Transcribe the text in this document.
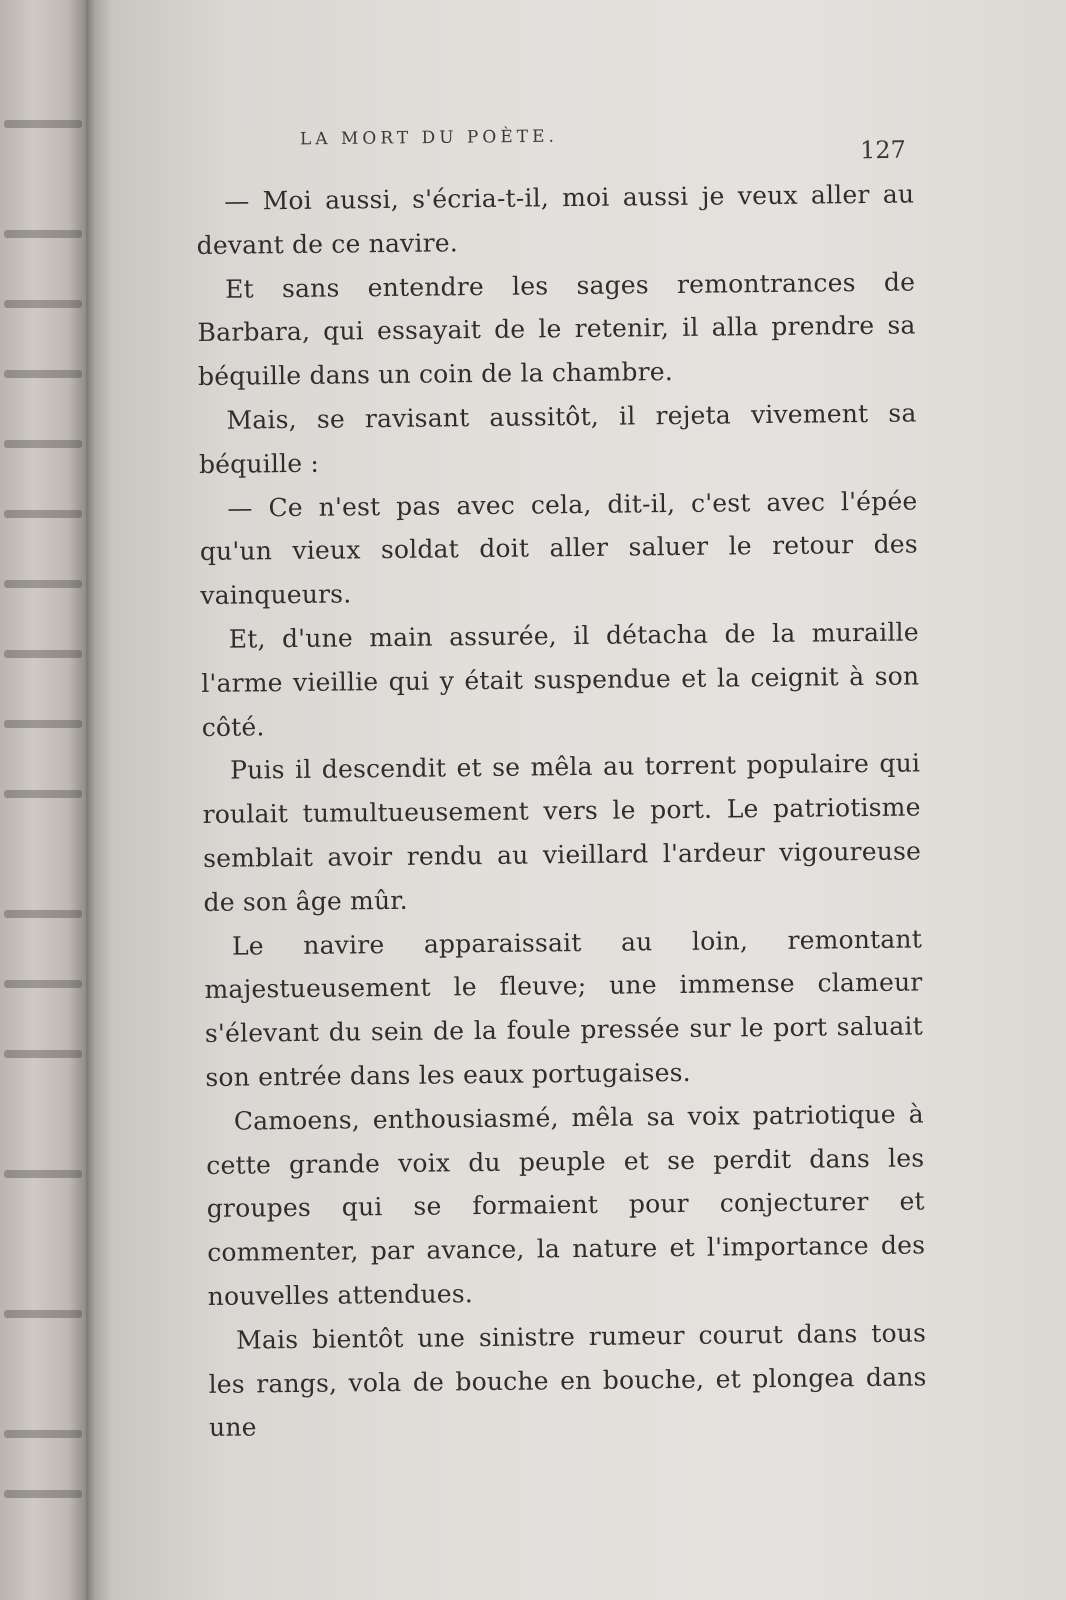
LA MORT DU POÈTE.	127

— Moi aussi, s'écria-t-il, moi aussi je veux aller au devant de ce navire.

Et sans entendre les sages remontrances de Barbara, qui essayait de le retenir, il alla prendre sa béquille dans un coin de la chambre.

Mais, se ravisant aussitôt, il rejeta vivement sa béquille :

— Ce n'est pas avec cela, dit-il, c'est avec l'épée qu'un vieux soldat doit aller saluer le retour des vainqueurs.

Et, d'une main assurée, il détacha de la muraille l'arme vieillie qui y était suspendue et la ceignit à son côté.

Puis il descendit et se mêla au torrent populaire qui roulait tumultueusement vers le port. Le patriotisme semblait avoir rendu au vieillard l'ardeur vigoureuse de son âge mûr.

Le navire apparaissait au loin, remontant majestueusement le fleuve; une immense clameur s'élevant du sein de la foule pressée sur le port saluait son entrée dans les eaux portugaises.

Camoens, enthousiasmé, mêla sa voix patriotique à cette grande voix du peuple et se perdit dans les groupes qui se formaient pour conjecturer et commenter, par avance, la nature et l'importance des nouvelles attendues.

Mais bientôt une sinistre rumeur courut dans tous les rangs, vola de bouche en bouche, et plongea dans une
